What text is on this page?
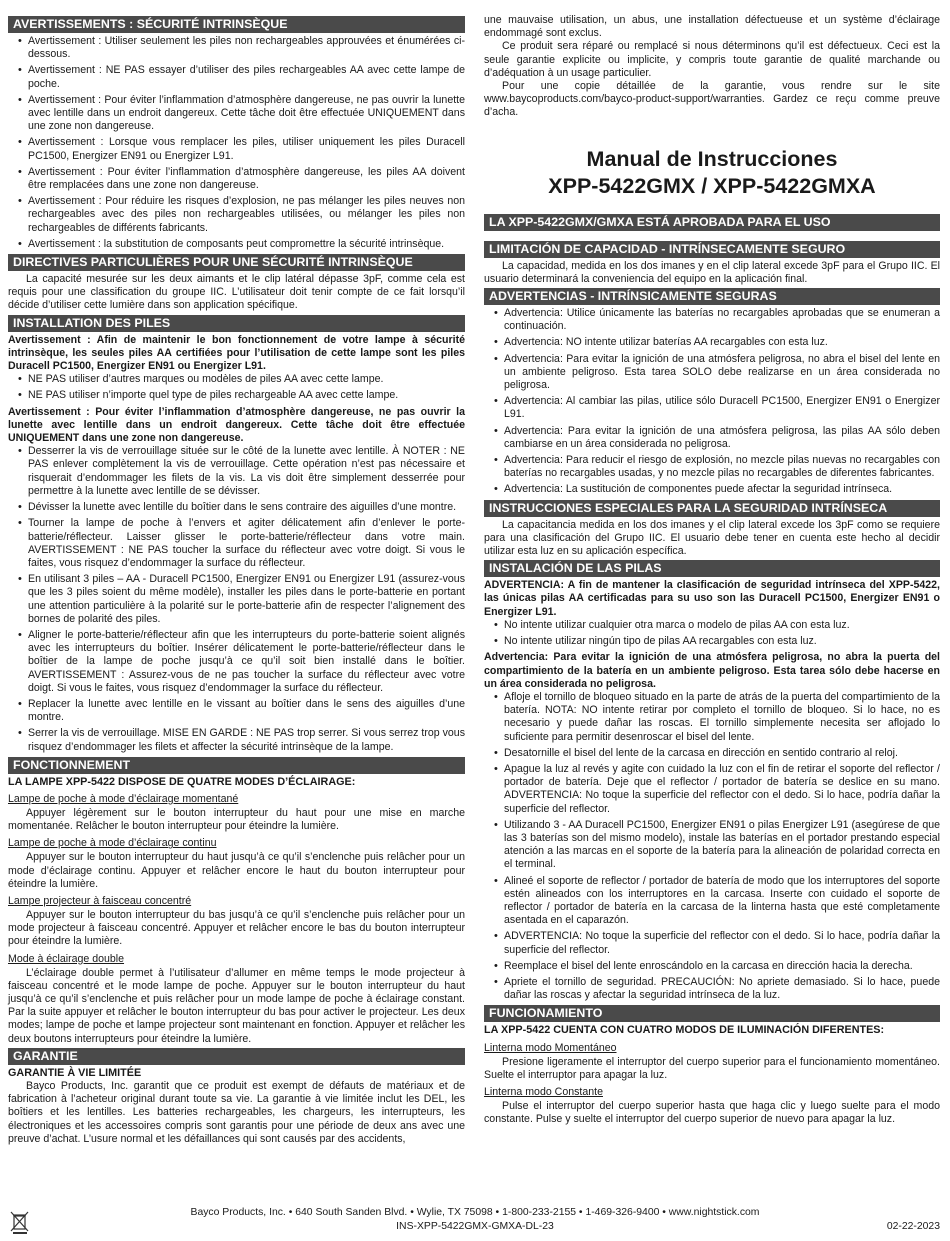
AVERTISSEMENTS : SÉCURITÉ INTRINSÈQUE
• Avertissement : Utiliser seulement les piles non rechargeables approuvées et énumérées ci-dessous.
• Avertissement : NE PAS essayer d’utiliser des piles rechargeables AA avec cette lampe de poche.
• Avertissement : Pour éviter l’inflammation d’atmosphère dangereuse, ne pas ouvrir la lunette avec lentille dans un endroit dangereux. Cette tâche doit être effectuée UNIQUEMENT dans une zone non dangereuse.
• Avertissement : Lorsque vous remplacer les piles, utiliser uniquement les piles Duracell PC1500, Energizer EN91 ou Energizer L91.
• Avertissement : Pour éviter l’inflammation d’atmosphère dangereuse, les piles AA doivent être remplacées dans une zone non dangereuse.
• Avertissement : Pour réduire les risques d’explosion, ne pas mélanger les piles neuves non rechargeables avec des piles non rechargeables utilisées, ou mélanger les piles non rechargeables de différents fabricants.
• Avertissement : la substitution de composants peut compromettre la sécurité intrinsèque.
DIRECTIVES PARTICULIÈRES POUR UNE SÉCURITÉ INTRINSÈQUE

La capacité mesurée sur les deux aimants et le clip latéral dépasse 3pF, comme cela est requis pour une classification du groupe IIC. L’utilisateur doit tenir compte de ce fait lorsqu’il décide d’utiliser cette lumière dans son application spécifique.

INSTALLATION DES PILES

Avertissement : Afin de maintenir le bon fonctionnement de votre lampe à sécurité intrinsèque, les seules piles AA certifiées pour l’utilisation de cette lampe sont les piles Duracell PC1500, Energizer EN91 ou Energizer L91.

• NE PAS utiliser d’autres marques ou modèles de piles AA avec cette lampe.
• NE PAS utiliser n’importe quel type de piles rechargeable AA avec cette lampe.

Avertissement : Pour éviter l’inflammation d’atmosphère dangereuse, ne pas ouvrir la lunette avec lentille dans un endroit dangereux. Cette tâche doit être effectuée UNIQUEMENT dans une zone non dangereuse.

• Desserrer la vis de verrouillage située sur le côté de la lunette avec lentille. À NOTER : NE PAS enlever complètement la vis de verrouillage. Cette opération n’est pas nécessaire et risquerait d’endommager les filets de la vis. La vis doit être simplement desserrée pour permettre à la lunette avec lentille de se dévisser.
• Dévisser la lunette avec lentille du boîtier dans le sens contraire des aiguilles d’une montre.
• Tourner la lampe de poche à l’envers et agiter délicatement afin d’enlever le porte-batterie/réflecteur. Laisser glisser le porte-batterie/réflecteur dans votre main. AVERTISSEMENT : NE PAS toucher la surface du réflecteur avec votre doigt. Si vous le faites, vous risquez d’endommager la surface du réflecteur.
• En utilisant 3 piles – AA - Duracell PC1500, Energizer EN91 ou Energizer L91 (assurez-vous que les 3 piles soient du même modèle), installer les piles dans le porte-batterie en portant une attention particulière à la polarité sur le porte-batterie afin de respecter l’alignement des bornes de polarité des piles.
• Aligner le porte-batterie/réflecteur afin que les interrupteurs du porte-batterie soient alignés avec les interrupteurs du boîtier. Insérer délicatement le porte-batterie/réflecteur dans le boîtier de la lampe de poche jusqu’à ce qu’il soit bien installé dans le boîtier. AVERTISSEMENT : Assurez-vous de ne pas toucher la surface du réflecteur avec votre doigt. Si vous le faites, vous risquez d’endommager la surface du réflecteur.
• Replacer la lunette avec lentille en le vissant au boîtier dans le sens des aiguilles d’une montre.
• Serrer la vis de verrouillage. MISE EN GARDE : NE PAS trop serrer. Si vous serrez trop vous risquez d’endommager les filets et affecter la sécurité intrinsèque de la lampe.
FONCTIONNEMENT

LA LAMPE XPP-5422 DISPOSE DE QUATRE MODES D’ÉCLAIRAGE:

Lampe de poche à mode d’éclairage momentané

Appuyer légèrement sur le bouton interrupteur du haut pour une mise en marche momentanée. Relâcher le bouton interrupteur pour éteindre la lumière.

Lampe de poche à mode d’éclairage continu

Appuyer sur le bouton interrupteur du haut jusqu’à ce qu’il s’enclenche puis relâcher pour un mode d’éclairage continu. Appuyer et relâcher encore le haut du bouton interrupteur pour éteindre la lumière.

Lampe projecteur à faisceau concentré

Appuyer sur le bouton interrupteur du bas jusqu’à ce qu’il s’enclenche puis relâcher pour un mode projecteur à faisceau concentré. Appuyer et relâcher encore le bas du bouton interrupteur pour éteindre la lumière.

Mode à éclairage double

L’éclairage double permet à l’utilisateur d’allumer en même temps le mode projecteur à faisceau concentré et le mode lampe de poche. Appuyer sur le bouton interrupteur du haut jusqu’à ce qu’il s’enclenche et puis relâcher pour un mode lampe de poche à éclairage constant. Par la suite appuyer et relâcher le bouton interrupteur du bas pour activer le projecteur. Les deux modes; lampe de poche et lampe projecteur sont maintenant en fonction. Appuyer et relâcher les deux boutons interrupteurs pour éteindre la lumière.

GARANTIE

GARANTIE À VIE LIMITÉE

Bayco Products, Inc. garantit que ce produit est exempt de défauts de matériaux et de fabrication à l’acheteur original durant toute sa vie. La garantie à vie limitée inclut les DEL, les boîtiers et les lentilles. Les batteries rechargeables, les chargeurs, les interrupteurs, les électroniques et les accessoires compris sont garantis pour une période de deux ans avec une preuve d’achat. L’usure normal et les défaillances qui sont causés par des accidents,

une mauvaise utilisation, un abus, une installation défectueuse et un système d’éclairage endommagé sont exclus.

Ce produit sera réparé ou remplacé si nous déterminons qu’il est défectueux. Ceci est la seule garantie explicite ou implicite, y compris toute garantie de qualité marchande ou d’adéquation à un usage particulier.

Pour une copie détaillée de la garantie, vous rendre sur le site www.baycoproducts.com/bayco-product-support/warranties. Gardez ce reçu comme preuve d’acha.

Manual de Instrucciones
XPP-5422GMX / XPP-5422GMXA
LA XPP-5422GMX/GMXA ESTÁ APROBADA PARA EL USO
LIMITACIÓN DE CAPACIDAD - INTRÍNSECAMENTE SEGURO

La capacidad, medida en los dos imanes y en el clip lateral excede 3pF para el Grupo IIC. El usuario determinará la conveniencia del equipo en la aplicación final.

ADVERTENCIAS - INTRÍNSICAMENTE SEGURAS
• Advertencia: Utilice únicamente las baterías no recargables aprobadas que se enumeran a continuación.
• Advertencia: NO intente utilizar baterías AA recargables con esta luz.
• Advertencia: Para evitar la ignición de una atmósfera peligrosa, no abra el bisel del lente en un ambiente peligroso. Esta tarea SOLO debe realizarse en un área considerada no peligrosa.
• Advertencia: Al cambiar las pilas, utilice sólo Duracell PC1500, Energizer EN91 o Energizer L91.
• Advertencia: Para evitar la ignición de una atmósfera peligrosa, las pilas AA sólo deben cambiarse en un área considerada no peligrosa.
• Advertencia: Para reducir el riesgo de explosión, no mezcle pilas nuevas no recargables con baterías no recargables usadas, y no mezcle pilas no recargables de diferentes fabricantes.
• Advertencia: La sustitución de componentes puede afectar la seguridad intrínseca.
INSTRUCCIONES ESPECIALES PARA LA SEGURIDAD INTRÍNSECA

La capacitancia medida en los dos imanes y el clip lateral excede los 3pF como se requiere para una clasificación del Grupo IIC. El usuario debe tener en cuenta este hecho al decidir utilizar esta luz en su aplicación específica.

INSTALACIÓN DE LAS PILAS

ADVERTENCIA: A fin de mantener la clasificación de seguridad intrínseca del XPP-5422, las únicas pilas AA certificadas para su uso son las Duracell PC1500, Energizer EN91 o Energizer L91.

• No intente utilizar cualquier otra marca o modelo de pilas AA con esta luz.
• No intente utilizar ningún tipo de pilas AA recargables con esta luz.

Advertencia: Para evitar la ignición de una atmósfera peligrosa, no abra la puerta del compartimiento de la batería en un ambiente peligroso. Esta tarea sólo debe hacerse en un área considerada no peligrosa.

• Afloje el tornillo de bloqueo situado en la parte de atrás de la puerta del compartimiento de la batería. NOTA: NO intente retirar por completo el tornillo de bloqueo. Si lo hace, no es necesario y puede dañar las roscas. El tornillo simplemente necesita ser aflojado lo suficiente para permitir desenroscar el bisel del lente.
• Desatornille el bisel del lente de la carcasa en dirección en sentido contrario al reloj.
• Apague la luz al revés y agite con cuidado la luz con el fin de retirar el soporte del reflector / portador de batería. Deje que el reflector / portador de batería se deslice en su mano. ADVERTENCIA: No toque la superficie del reflector con el dedo. Si lo hace, podría dañar la superficie del reflector.
• Utilizando 3 - AA Duracell PC1500, Energizer EN91 o pilas Energizer L91 (asegúrese de que las 3 baterías son del mismo modelo), instale las baterías en el portador prestando especial atención a las marcas en el soporte de la batería para la alineación de polaridad correcta en el terminal.
• Alineé el soporte de reflector / portador de batería de modo que los interruptores del soporte estén alineados con los interruptores en la carcasa. Inserte con cuidado el soporte de reflector / portador de batería en la carcasa de la linterna hasta que esté completamente asentada en el caparazón.
• ADVERTENCIA: No toque la superficie del reflector con el dedo. Si lo hace, podría dañar la superficie del reflector.
• Reemplace el bisel del lente enroscándolo en la carcasa en dirección hacia la derecha.
• Apriete el tornillo de seguridad. PRECAUCIÓN: No apriete demasiado. Si lo hace, puede dañar las roscas y afectar la seguridad intrínseca de la luz.
FUNCIONAMIENTO

LA XPP-5422 CUENTA CON CUATRO MODOS DE ILUMINACIÓN DIFERENTES:

Linterna modo Momentáneo

Presione ligeramente el interruptor del cuerpo superior para el funcionamiento momentáneo. Suelte el interruptor para apagar la luz.

Linterna modo Constante

Pulse el interruptor del cuerpo superior hasta que haga clic y luego suelte para el modo constante. Pulse y suelte el interruptor del cuerpo superior de nuevo para apagar la luz.

Bayco Products, Inc. • 640 South Sanden Blvd. • Wylie, TX 75098 • 1-800-233-2155 • 1-469-326-9400 • www.nightstick.com
INS-XPP-5422GMX-GMXA-DL-23	02-22-2023
